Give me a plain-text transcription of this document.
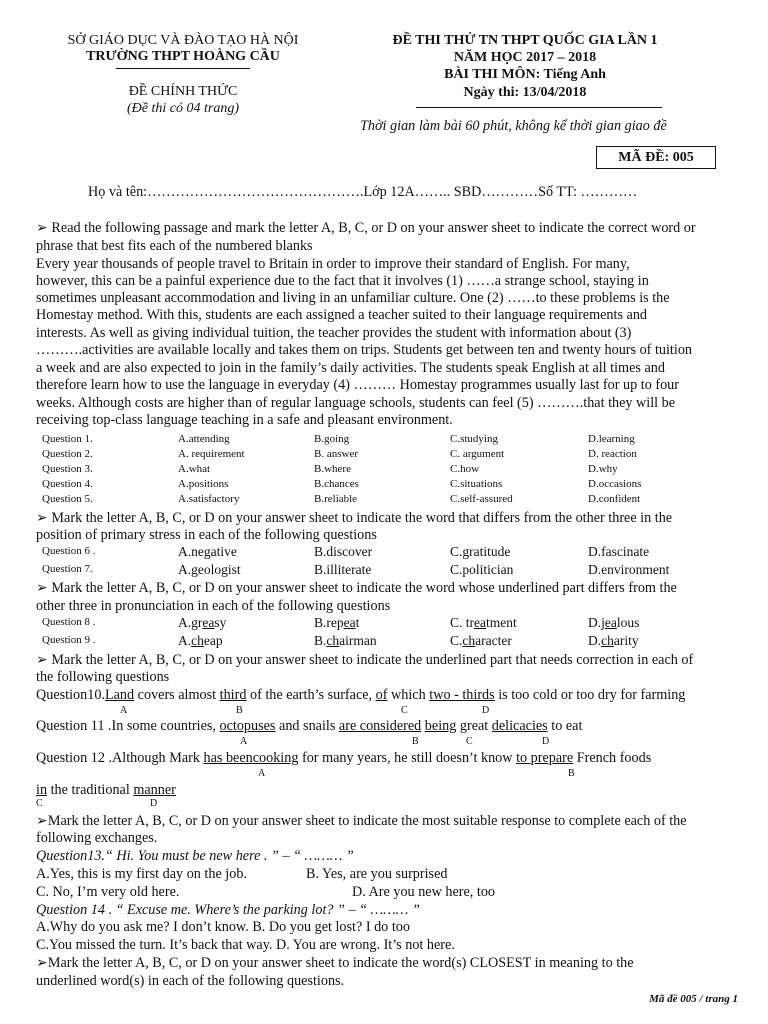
SỞ GIÁO DỤC VÀ ĐÀO TẠO HÀ NỘI
TRƯỜNG THPT HOÀNG CẦU
ĐỀ CHÍNH THỨC
(Đề thi có 04 trang)
ĐỀ THI THỬ TN THPT QUỐC GIA LẦN 1
NĂM HỌC 2017 – 2018
BÀI THI MÔN: Tiếng Anh
Ngày thi: 13/04/2018
Thời gian làm bài 60 phút, không kể thời gian giao đề
MÃ ĐỀ: 005
Họ và tên:……………………………………….Lớp 12A…….. SBD…………Số TT: …………
➢ Read the following passage and mark the letter A, B, C, or D on your answer sheet to indicate the correct word or
phrase that best fits each of the numbered blanks
Every year thousands of people travel to Britain in order to improve their standard of English. For many,
however, this can be a painful experience due to the fact that it involves (1) ……a strange school, staying in
sometimes unpleasant accommodation and living in an unfamiliar culture. One (2) ……to these problems is the
Homestay method. With this, students are each assigned a teacher suited to their language requirements and
interests. As well as giving individual tuition, the teacher provides the student with information about (3)
……….activities are available locally and takes them on trips. Students get between ten and twenty hours of tuition
a week and are also expected to join in the family’s daily activities. The students speak English at all times and
therefore learn how to use the language in everyday (4) ……… Homestay programmes usually last for up to four
weeks. Although costs are higher than of regular language schools, students can feel (5) ……….that they will be
receiving top-class language teaching in a safe and pleasant environment.
Question 1.	A.attending	B.going	C.studying	D.learning
Question 2.	A. requirement	B. answer	C. argument	D. reaction
Question 3.	A.what	B.where	C.how	D.why
Question 4.	A.positions	B.chances	C.situations	D.occasions
Question 5.	A.satisfactory	B.reliable	C.self-assured	D.confident
➢ Mark the letter A, B, C, or D on your answer sheet to indicate the word that differs from the other three in the
position of primary stress in each of the following questions
Question 6 .	A.negative	B.discover	C.gratitude	D.fascinate
Question 7.	A.geologist	B.illiterate	C.politician	D.environment
➢ Mark the letter A, B, C, or D on your answer sheet to indicate the word whose underlined part differs from the
other three in pronunciation in each of the following questions
Question 8 .	A.greasy	B.repeat	C. treatment	D.jealous
Question 9 .	A.cheap	B.chairman	C.character	D.charity
➢ Mark the letter A, B, C, or D on your answer sheet to indicate the underlined part that needs correction in each of
the following questions
Question10.Land covers almost third of the earth’s surface, of which two - thirds is too cold or too dry for farming
A	B	C	D
Question 11 .In some countries, octopuses and snails are considered being great delicacies to eat
A	B	C	D
Question 12 .Although Mark has beencooking for many years, he still doesn’t know to prepare French foods
A	B
in the traditional manner
C	D
➢Mark the letter A, B, C, or D on your answer sheet to indicate the most suitable response to complete each of the
following exchanges.
Question13.“ Hi. You must be new here . ” – “ ……… ”
A.Yes, this is my first day on the job.	B. Yes, are you surprised
C. No, I’m very old here.	D. Are you new here, too
Question 14 . “ Excuse me. Where’s the parking lot? ” – “ ……… ”
A.Why do you ask me? I don’t know. B. Do you get lost? I do too
C.You missed the turn. It’s back that way. D. You are wrong. It’s not here.
➢Mark the letter A, B, C, or D on your answer sheet to indicate the word(s) CLOSEST in meaning to the
underlined word(s) in each of the following questions.
Mã đề 005 / trang 1
